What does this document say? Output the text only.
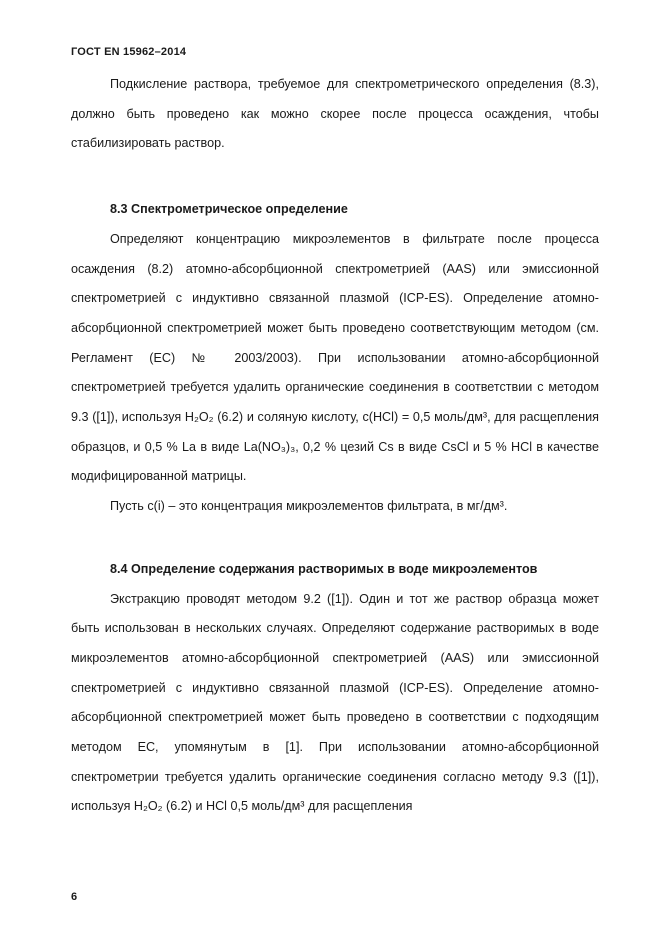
ГОСТ EN 15962–2014

Подкисление раствора, требуемое для спектрометрического определения (8.3), должно быть проведено как можно скорее после процесса осаждения, чтобы стабилизировать раствор.

8.3 Спектрометрическое определение

Определяют концентрацию микроэлементов в фильтрате после процесса осаждения (8.2) атомно-абсорбционной спектрометрией (AAS) или эмиссионной спектрометрией с индуктивно связанной плазмой (ICP-ES). Определение атомно-абсорбционной спектрометрией может быть проведено соответствующим методом (см. Регламент (ЕС) № 2003/2003). При использовании атомно-абсорбционной спектрометрией требуется удалить органические соединения в соответствии с методом 9.3 ([1]), используя H₂O₂ (6.2) и соляную кислоту, c(HCl) = 0,5 моль/дм³, для расщепления образцов, и 0,5 % La в виде La(NO₃)₃, 0,2 % цезий Cs в виде CsCl и 5 % HCl в качестве модифицированной матрицы.

Пусть c(i) – это концентрация микроэлементов фильтрата, в мг/дм³.

8.4 Определение содержания растворимых в воде микроэлементов

Экстракцию проводят методом 9.2 ([1]). Один и тот же раствор образца может быть использован в нескольких случаях. Определяют содержание растворимых в воде микроэлементов атомно-абсорбционной спектрометрией (AAS) или эмиссионной спектрометрией с индуктивно связанной плазмой (ICP-ES). Определение атомно-абсорбционной спектрометрией может быть проведено в соответствии с подходящим методом ЕС, упомянутым в [1]. При использовании атомно-абсорбционной спектрометрии требуется удалить органические соединения согласно методу 9.3 ([1]), используя H₂O₂ (6.2) и HCl 0,5 моль/дм³ для расщепления

6
